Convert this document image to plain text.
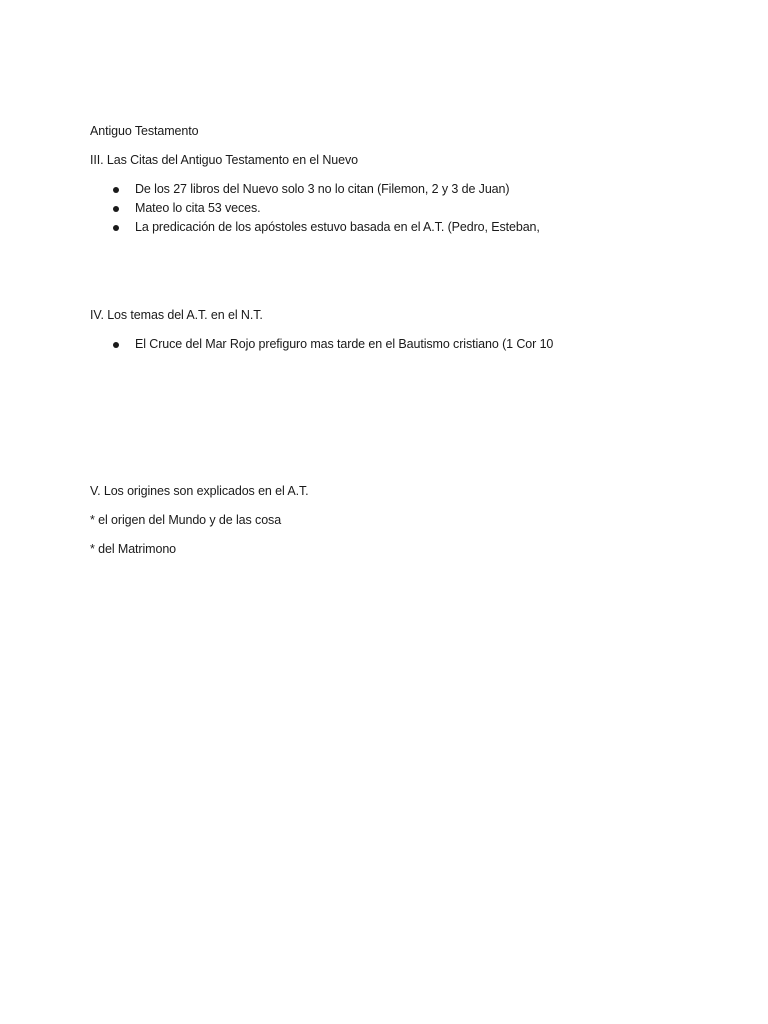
Antiguo Testamento
III. Las Citas del Antiguo Testamento en el Nuevo
De los 27 libros del Nuevo solo 3 no lo citan (Filemon, 2 y 3 de Juan)
Mateo lo cita 53 veces.
La predicación de los apóstoles estuvo basada en el A.T. (Pedro, Esteban,
IV. Los temas del A.T. en el N.T.
El Cruce del Mar Rojo prefiguro mas tarde en el Bautismo cristiano (1 Cor 10
V. Los origines son explicados en el A.T.
* el origen del Mundo y de las cosa
* del Matrimono
